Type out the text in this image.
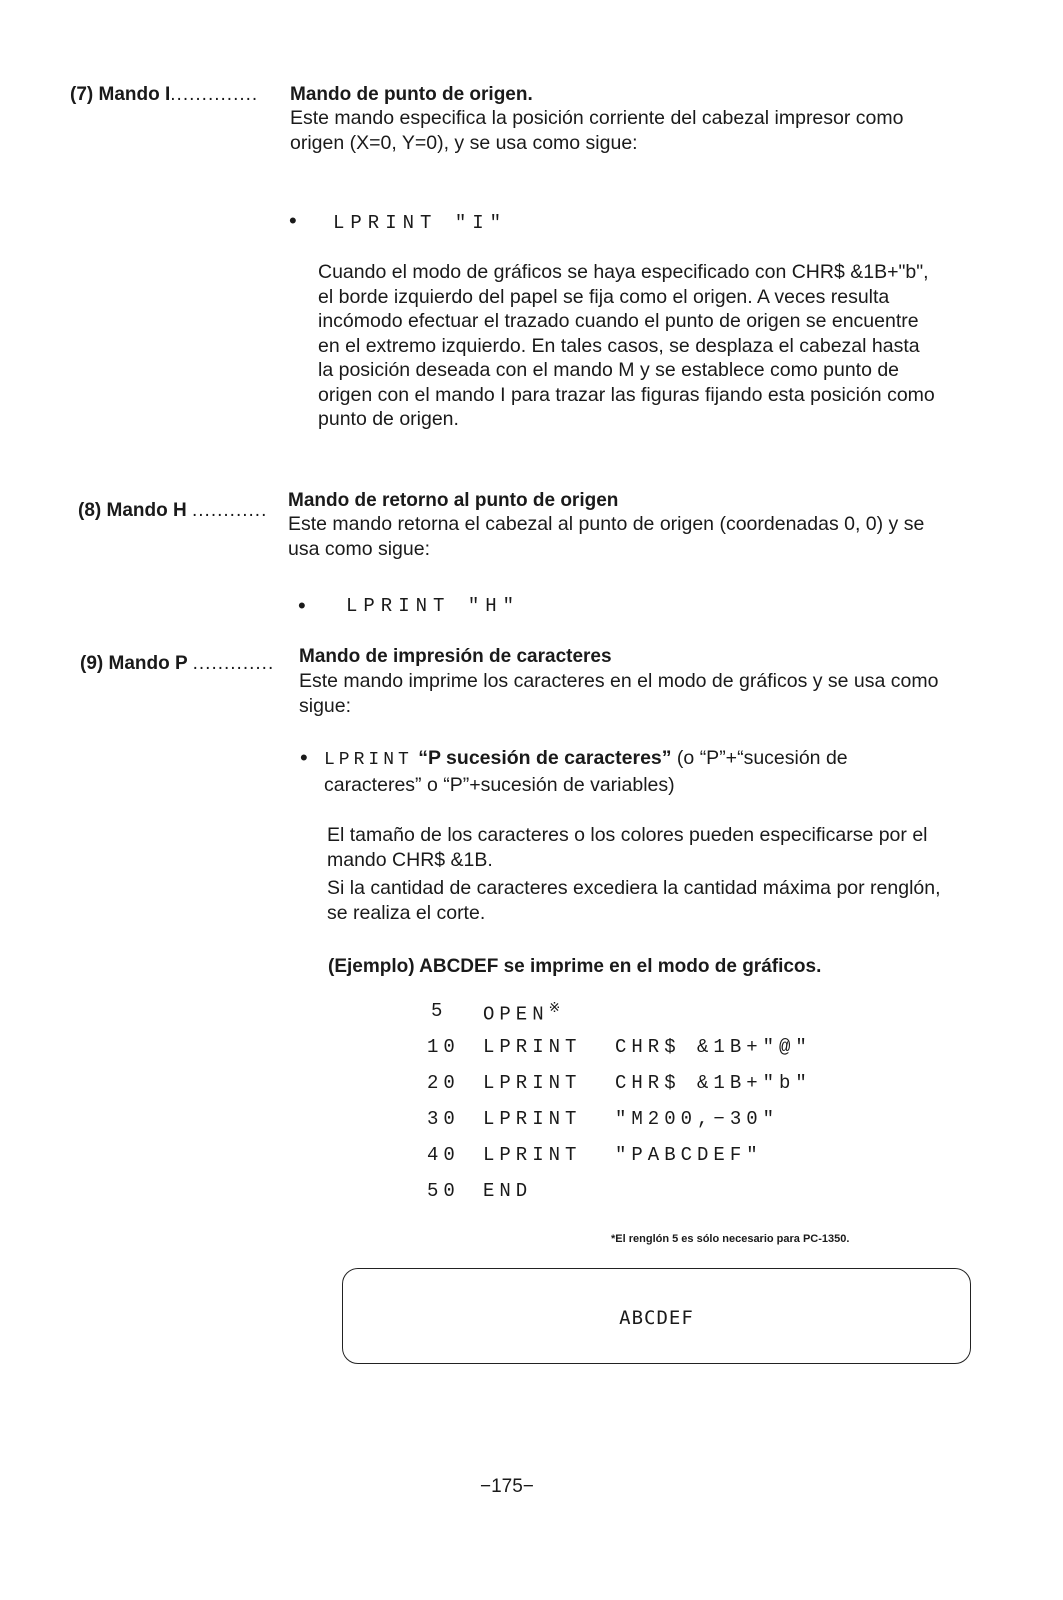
(7) Mando I.............. Mando de punto de origen.
Este mando especifica la posición corriente del cabezal impresor como origen (X=0, Y=0), y se usa como sigue:
• LPRINT "I"
Cuando el modo de gráficos se haya especificado con CHR$ &1B+"b", el borde izquierdo del papel se fija como el origen. A veces resulta incómodo efectuar el trazado cuando el punto de origen se encuentre en el extremo izquierdo. En tales casos, se desplaza el cabezal hasta la posición deseada con el mando M y se establece como punto de origen con el mando I para trazar las figuras fijando esta posición como punto de origen.
(8) Mando H ............ Mando de retorno al punto de origen
Este mando retorna el cabezal al punto de origen (coordenadas 0, 0) y se usa como sigue:
• LPRINT "H"
(9) Mando P ............. Mando de impresión de caracteres
Este mando imprime los caracteres en el modo de gráficos y se usa como sigue:
• LPRINT “P sucesión de caracteres” (o “P”+“sucesión de caracteres” o “P”+sucesión de variables)
El tamaño de los caracteres o los colores pueden especificarse por el mando CHR$ &1B.
Si la cantidad de caracteres excediera la cantidad máxima por renglón, se realiza el corte.
(Ejemplo) ABCDEF se imprime en el modo de gráficos.
5 OPEN※
10 LPRINT CHR$ &1B+"@"
20 LPRINT CHR$ &1B+"b"
30 LPRINT "M200,−30"
40 LPRINT "PABCDEF"
50 END
*El renglón 5 es sólo necesario para PC-1350.
ABCDEF
−175−
